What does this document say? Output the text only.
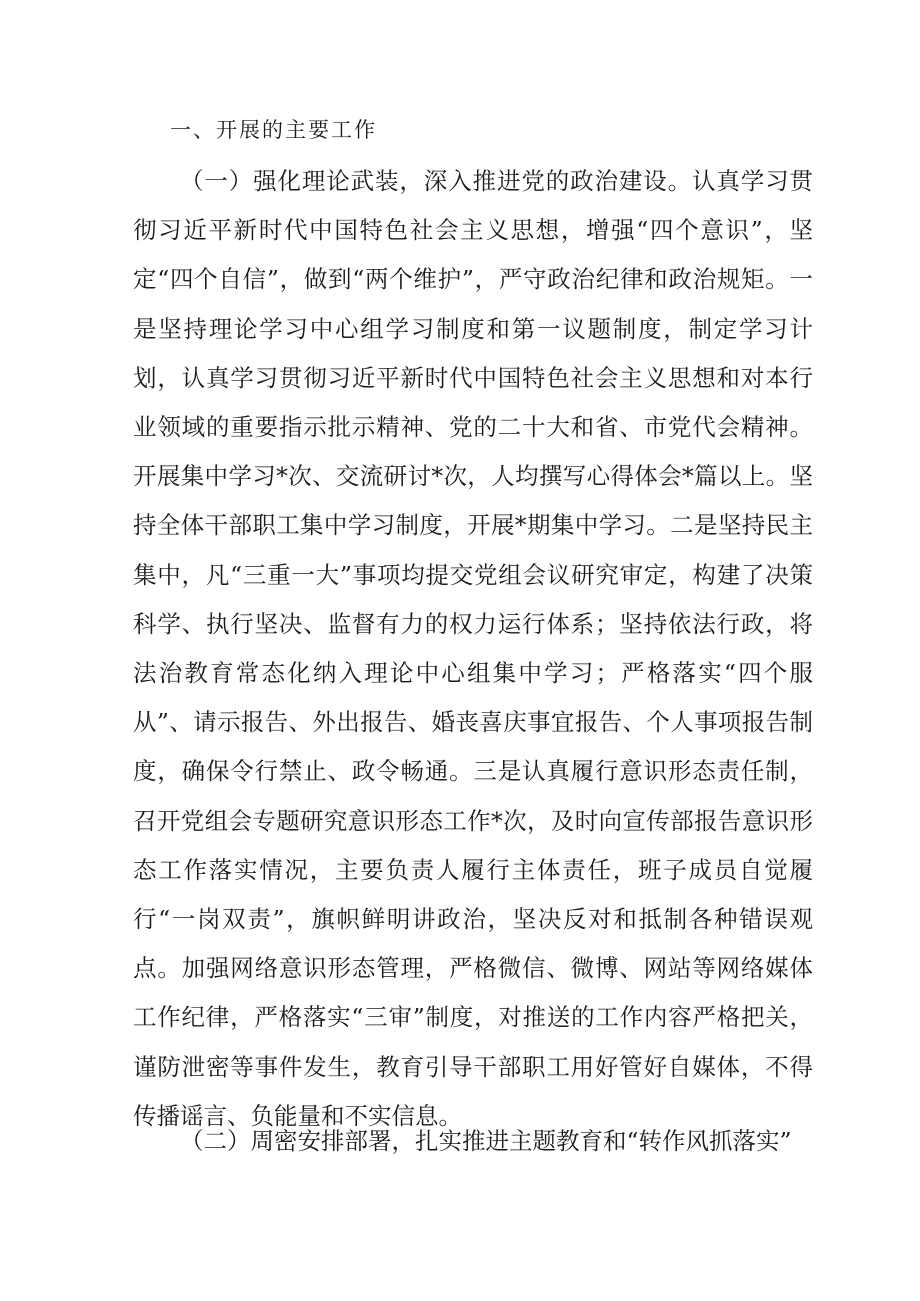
一、开展的主要工作

（一）强化理论武装，深入推进党的政治建设。认真学习贯彻习近平新时代中国特色社会主义思想，增强“四个意识”，坚定“四个自信”，做到“两个维护”，严守政治纪律和政治规矩。一是坚持理论学习中心组学习制度和第一议题制度，制定学习计划，认真学习贯彻习近平新时代中国特色社会主义思想和对本行业领域的重要指示批示精神、党的二十大和省、市党代会精神。开展集中学习*次、交流研讨*次，人均撰写心得体会*篇以上。坚持全体干部职工集中学习制度，开展*期集中学习。二是坚持民主集中，凡“三重一大”事项均提交党组会议研究审定，构建了决策科学、执行坚决、监督有力的权力运行体系；坚持依法行政，将法治教育常态化纳入理论中心组集中学习；严格落实“四个服从”、请示报告、外出报告、婚丧喜庆事宜报告、个人事项报告制度，确保令行禁止、政令畅通。三是认真履行意识形态责任制，召开党组会专题研究意识形态工作*次，及时向宣传部报告意识形态工作落实情况，主要负责人履行主体责任，班子成员自觉履行“一岗双责”，旗帜鲜明讲政治，坚决反对和抵制各种错误观点。加强网络意识形态管理，严格微信、微博、网站等网络媒体工作纪律，严格落实“三审”制度，对推送的工作内容严格把关，谨防泄密等事件发生，教育引导干部职工用好管好自媒体，不得传播谣言、负能量和不实信息。

（二）周密安排部署，扎实推进主题教育和“转作风抓落实”
